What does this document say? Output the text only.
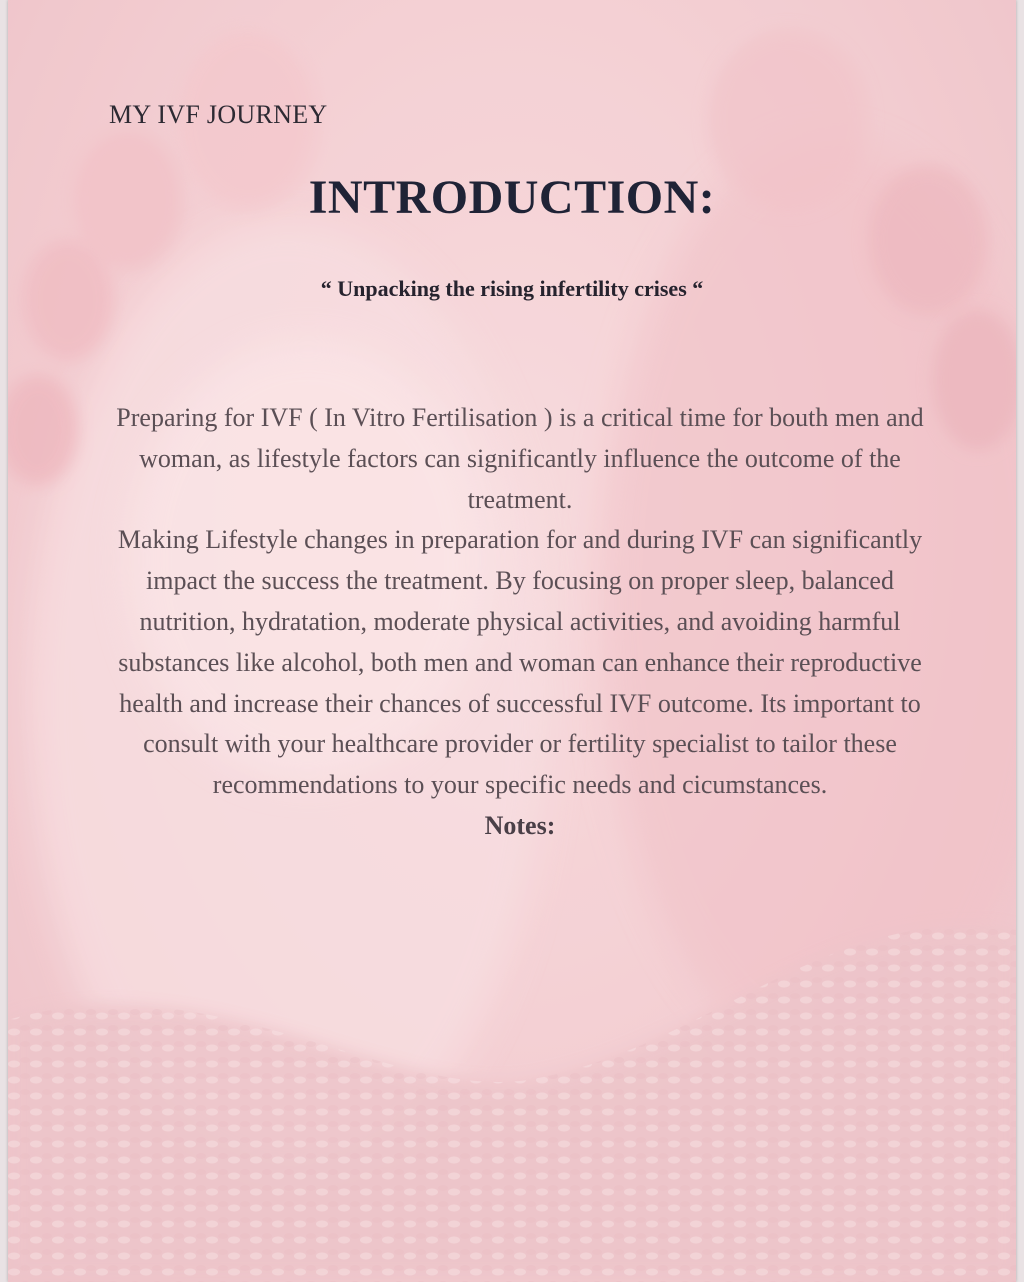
MY IVF JOURNEY
INTRODUCTION:
“ Unpacking the rising infertility crises “

Preparing for IVF ( In Vitro Fertilisation ) is a critical time for bouth men and woman, as lifestyle factors can significantly influence the outcome of the treatment.

Making Lifestyle changes in preparation for and during IVF can significantly impact the success the treatment. By focusing on proper sleep, balanced nutrition, hydratation, moderate physical activities, and avoiding harmful substances like alcohol, both men and woman can enhance their reproductive health and increase their chances of successful IVF outcome. Its important to consult with your healthcare provider or fertility specialist to tailor these recommendations to your specific needs and cicumstances.

Notes:
